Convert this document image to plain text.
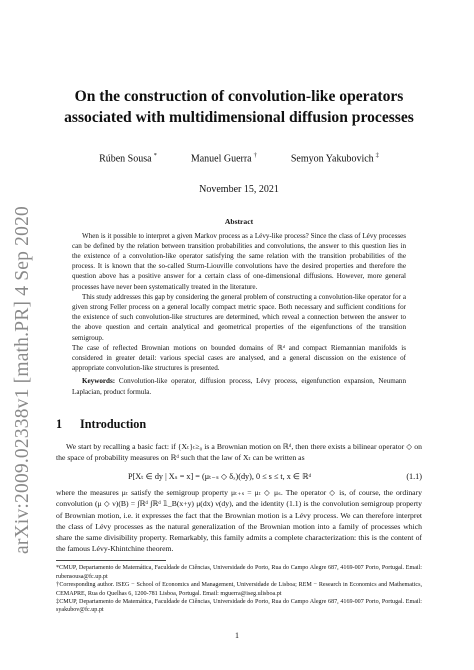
arXiv:2009.02338v1 [math.PR] 4 Sep 2020
On the construction of convolution-like operators
associated with multidimensional diffusion processes
Rúben Sousa *	Manuel Guerra †	Semyon Yakubovich ‡
November 15, 2021
Abstract

When is it possible to interpret a given Markov process as a Lévy-like process? Since the class of Lévy processes can be defined by the relation between transition probabilities and convolutions, the answer to this question lies in the existence of a convolution-like operator satisfying the same relation with the transition probabilities of the process. It is known that the so-called Sturm-Liouville convolutions have the desired properties and therefore the question above has a positive answer for a certain class of one-dimensional diffusions. However, more general processes have never been systematically treated in the literature.

This study addresses this gap by considering the general problem of constructing a convolution-like operator for a given strong Feller process on a general locally compact metric space. Both necessary and sufficient conditions for the existence of such convolution-like structures are determined, which reveal a connection between the answer to the above question and certain analytical and geometrical properties of the eigenfunctions of the transition semigroup.

The case of reflected Brownian motions on bounded domains of ℝᵈ and compact Riemannian manifolds is considered in greater detail: various special cases are analysed, and a general discussion on the existence of appropriate convolution-like structures is presented.

Keywords: Convolution-like operator, diffusion process, Lévy process, eigenfunction expansion, Neumann Laplacian, product formula.

1 Introduction

We start by recalling a basic fact: if {Xₜ}ₜ≥₀ is a Brownian motion on ℝᵈ, then there exists a bilinear operator ◇ on the space of probability measures on ℝᵈ such that the law of Xₜ can be written as

P[Xₜ ∈ dy | Xₛ = x] = (μₜ₋ₛ ◇ δₓ)(dy), 0 ≤ s ≤ t, x ∈ ℝᵈ	(1.1)

where the measures μₜ satisfy the semigroup property μₜ₊ₛ = μₜ ◇ μₛ. The operator ◇ is, of course, the ordinary convolution (μ ◇ ν)(B) = ∫ℝᵈ ∫ℝᵈ 𝟙_B(x+y) μ(dx) ν(dy), and the identity (1.1) is the convolution semigroup property of Brownian motion, i.e. it expresses the fact that the Brownian motion is a Lévy process. We can therefore interpret the class of Lévy processes as the natural generalization of the Brownian motion into a family of processes which share the same divisibility property. Remarkably, this family admits a complete characterization: this is the content of the famous Lévy-Khintchine theorem.

*CMUP, Departamento de Matemática, Faculdade de Ciências, Universidade do Porto, Rua do Campo Alegre 687, 4169-007 Porto, Portugal. Email: rubensousa@fc.up.pt

†Corresponding author. ISEG − School of Economics and Management, Universidade de Lisboa; REM − Research in Economics and Mathematics, CEMAPRE, Rua do Quelhas 6, 1200-781 Lisboa, Portugal. Email: mguerra@iseg.ulisboa.pt

‡CMUP, Departamento de Matemática, Faculdade de Ciências, Universidade do Porto, Rua do Campo Alegre 687, 4169-007 Porto, Portugal. Email: syakubov@fc.up.pt

1
